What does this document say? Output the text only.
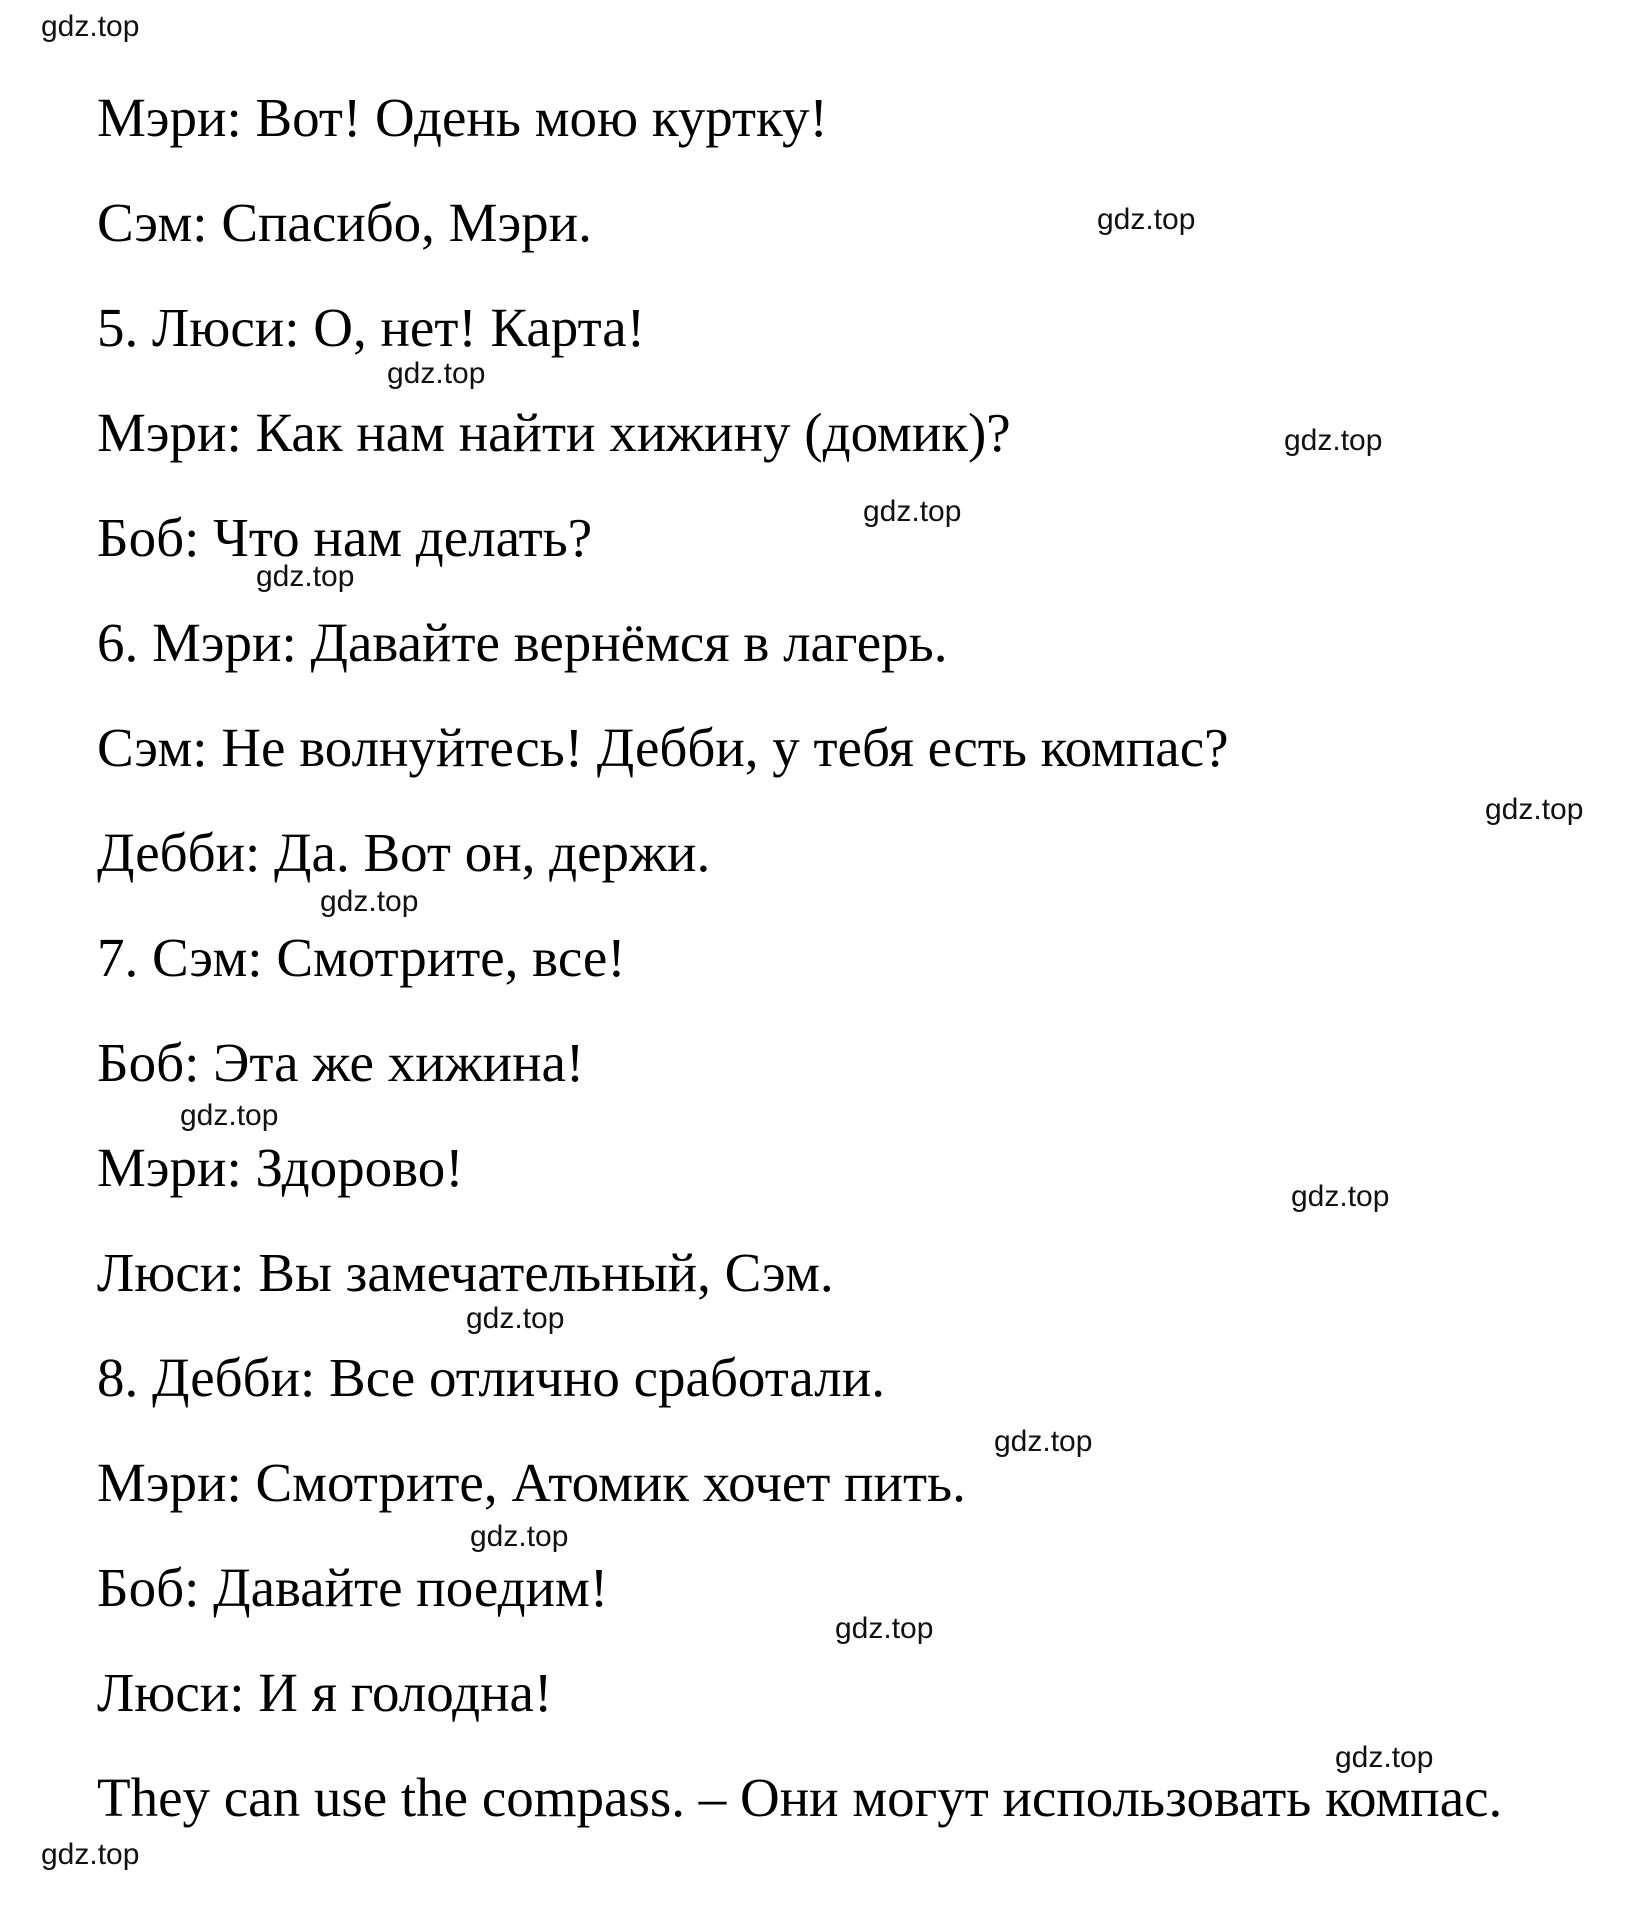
Мэри: Вот! Одень мою куртку!

Сэм: Спасибо, Мэри.

5. Люси: О, нет! Карта!

Мэри: Как нам найти хижину (домик)?

Боб: Что нам делать?

6. Мэри: Давайте вернёмся в лагерь.

Сэм: Не волнуйтесь! Дебби, у тебя есть компас?

Дебби: Да. Вот он, держи.

7. Сэм: Смотрите, все!

Боб: Эта же хижина!

Мэри: Здорово!

Люси: Вы замечательный, Сэм.

8. Дебби: Все отлично сработали.

Мэри: Смотрите, Атомик хочет пить.

Боб: Давайте поедим!

Люси: И я голодна!

They can use the compass. – Они могут использовать компас.

gdz.top
gdz.top
gdz.top
gdz.top
gdz.top
gdz.top
gdz.top
gdz.top
gdz.top
gdz.top
gdz.top
gdz.top
gdz.top
gdz.top
gdz.top
gdz.top
